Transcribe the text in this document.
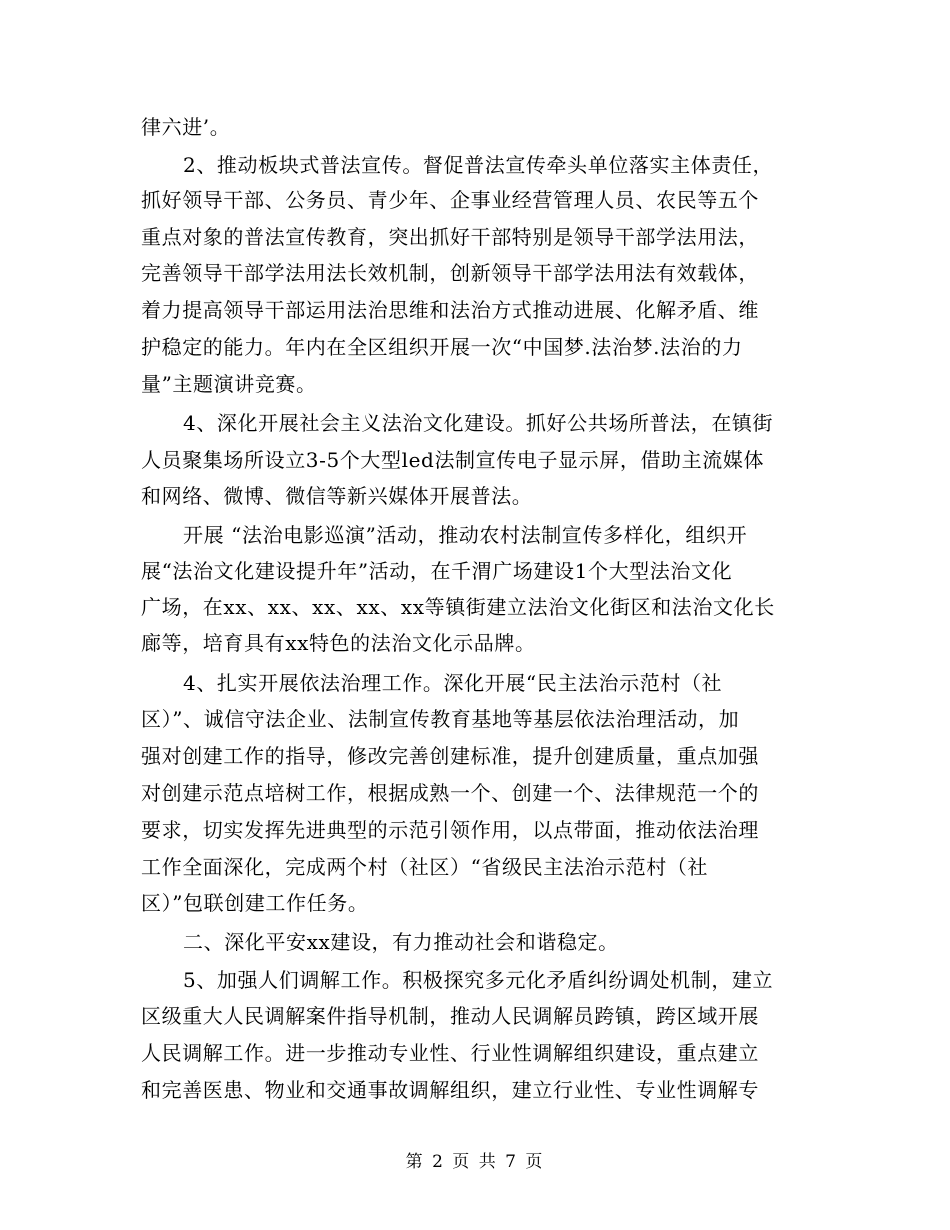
律六进’。
2、推动板块式普法宣传。督促普法宣传牵头单位落实主体责任，
抓好领导干部、公务员、青少年、企事业经营管理人员、农民等五个
重点对象的普法宣传教育，突出抓好干部特别是领导干部学法用法，
完善领导干部学法用法长效机制，创新领导干部学法用法有效载体，
着力提高领导干部运用法治思维和法治方式推动进展、化解矛盾、维
护稳定的能力。年内在全区组织开展一次“中国梦.法治梦.法治的力
量”主题演讲竞赛。
4、深化开展社会主义法治文化建设。抓好公共场所普法，在镇街
人员聚集场所设立3-5个大型led法制宣传电子显示屏，借助主流媒体
和网络、微博、微信等新兴媒体开展普法。
开展 “法治电影巡演”活动，推动农村法制宣传多样化，组织开
展“法治文化建设提升年”活动，在千渭广场建设1个大型法治文化
广场，在xx、xx、xx、xx、xx等镇街建立法治文化街区和法治文化长
廊等，培育具有xx特色的法治文化示品牌。
4、扎实开展依法治理工作。深化开展“民主法治示范村（社
区）”、诚信守法企业、法制宣传教育基地等基层依法治理活动，加
强对创建工作的指导，修改完善创建标准，提升创建质量，重点加强
对创建示范点培树工作，根据成熟一个、创建一个、法律规范一个的
要求，切实发挥先进典型的示范引领作用，以点带面，推动依法治理
工作全面深化，完成两个村（社区）“省级民主法治示范村（社
区）”包联创建工作任务。
二、深化平安xx建设，有力推动社会和谐稳定。
5、加强人们调解工作。积极探究多元化矛盾纠纷调处机制，建立
区级重大人民调解案件指导机制，推动人民调解员跨镇，跨区域开展
人民调解工作。进一步推动专业性、行业性调解组织建设，重点建立
和完善医患、物业和交通事故调解组织，建立行业性、专业性调解专
第 2 页 共 7 页
